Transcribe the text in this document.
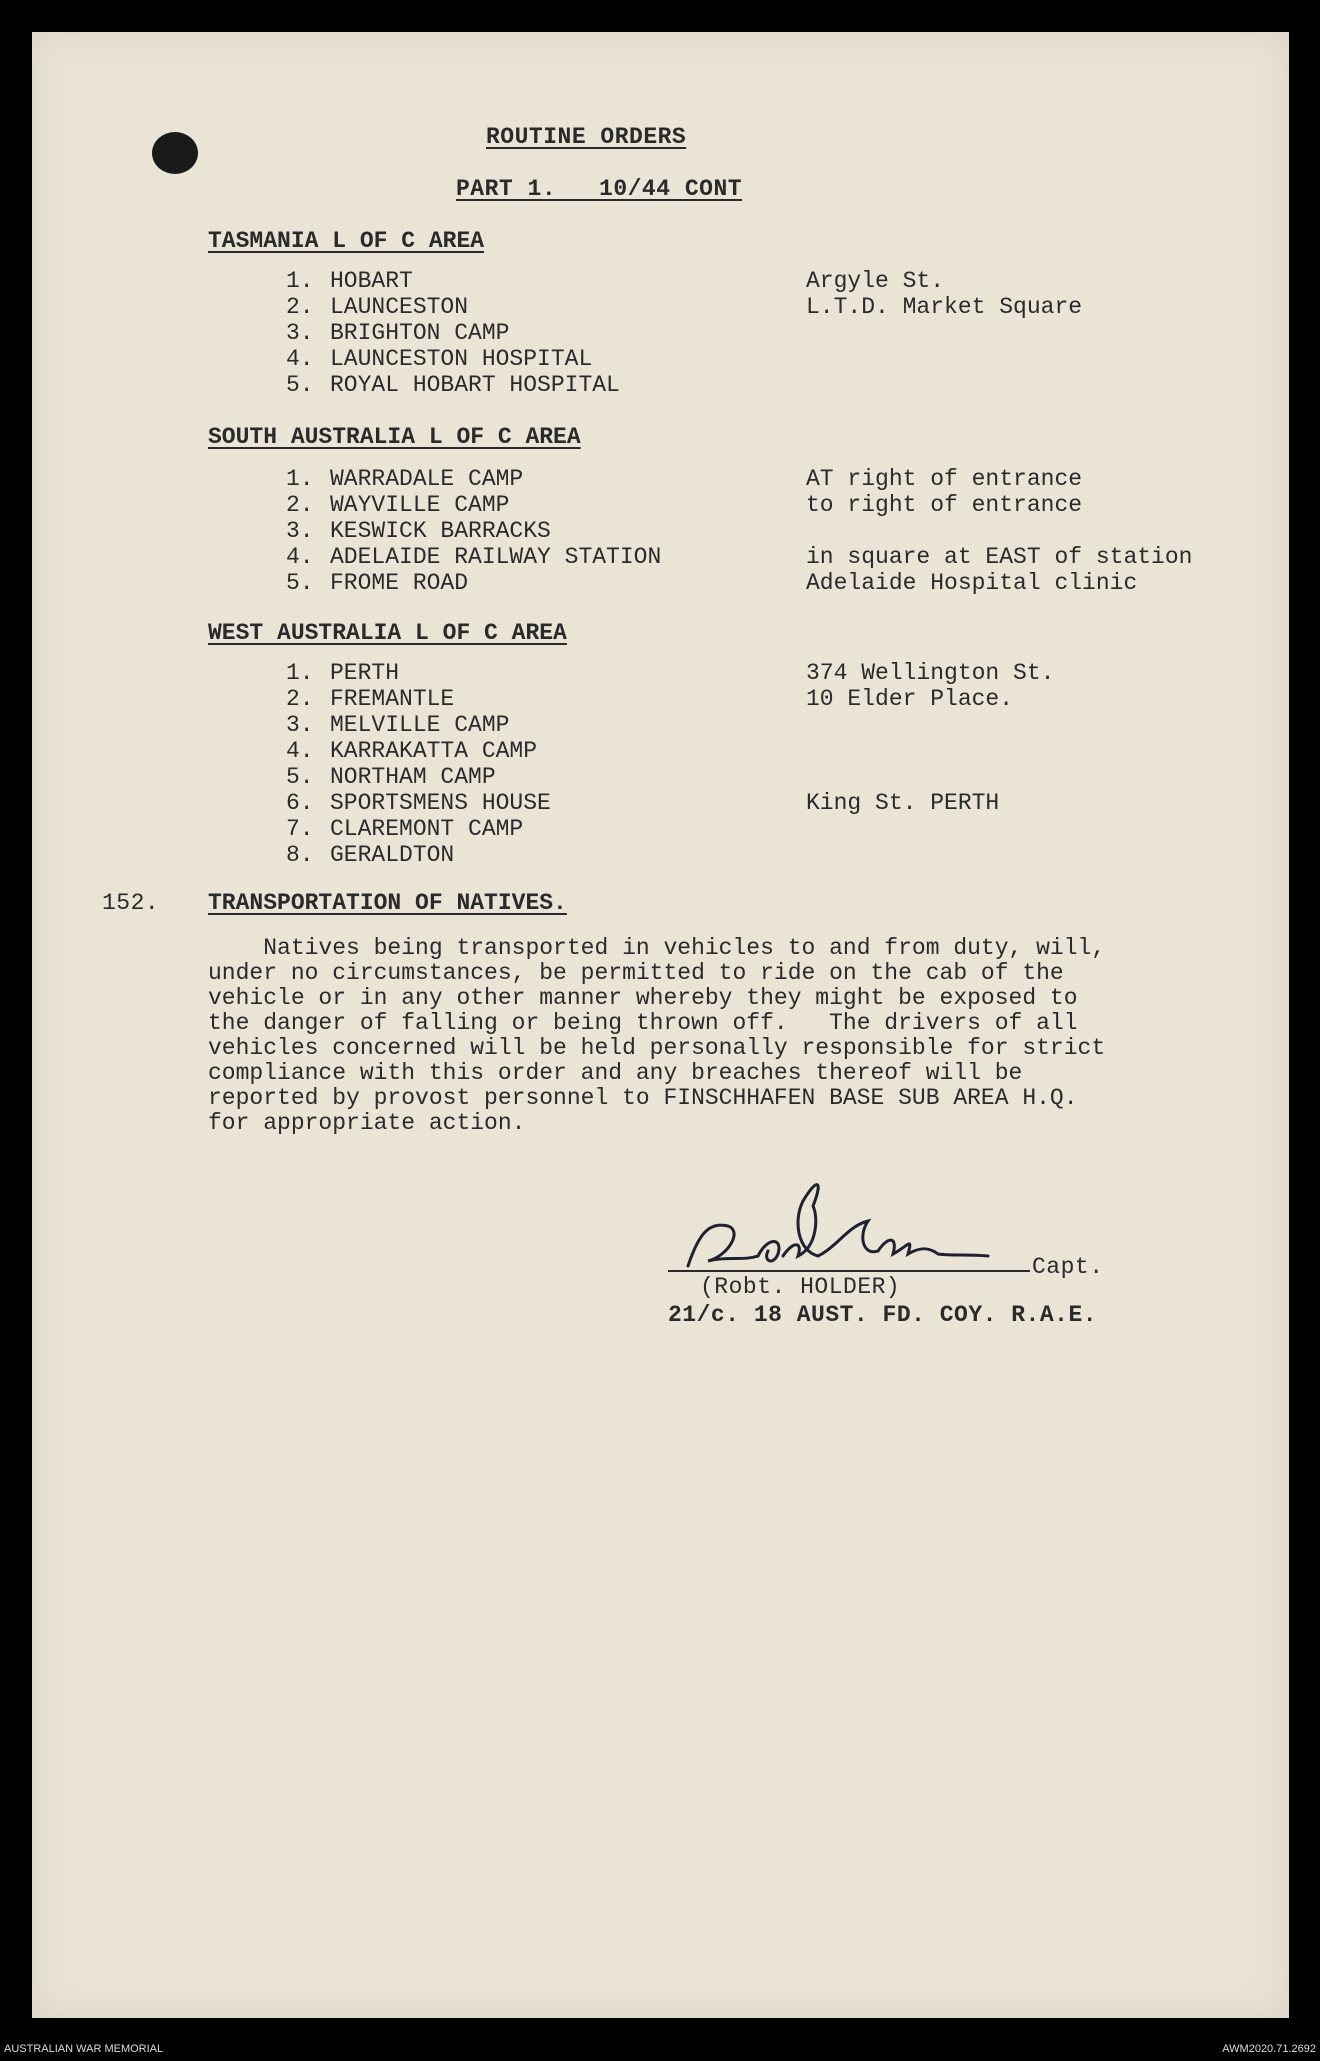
ROUTINE ORDERS
PART 1.   10/44 CONT
TASMANIA L OF C AREA
1. HOBART	Argyle St.
2. LAUNCESTON	L.T.D. Market Square
3. BRIGHTON CAMP
4. LAUNCESTON HOSPITAL
5. ROYAL HOBART HOSPITAL
SOUTH AUSTRALIA L OF C AREA
1. WARRADALE CAMP	AT right of entrance
2. WAYVILLE CAMP	to right of entrance
3. KESWICK BARRACKS
4. ADELAIDE RAILWAY STATION	in square at EAST of station
5. FROME ROAD	Adelaide Hospital clinic
WEST AUSTRALIA L OF C AREA
1. PERTH	374 Wellington St.
2. FREMANTLE	10 Elder Place.
3. MELVILLE CAMP
4. KARRAKATTA CAMP
5. NORTHAM CAMP
6. SPORTSMENS HOUSE	King St. PERTH
7. CLAREMONT CAMP
8. GERALDTON
152. TRANSPORTATION OF NATIVES.
Natives being transported in vehicles to and from duty, will,
under no circumstances, be permitted to ride on the cab of the
vehicle or in any other manner whereby they might be exposed to
the danger of falling or being thrown off.   The drivers of all
vehicles concerned will be held personally responsible for strict
compliance with this order and any breaches thereof will be
reported by provost personnel to FINSCHHAFEN BASE SUB AREA H.Q.
for appropriate action.
Capt.
(Robt. HOLDER)
21/c. 18 AUST. FD. COY. R.A.E.
AUSTRALIAN WAR MEMORIAL	AWM2020.71.2692
